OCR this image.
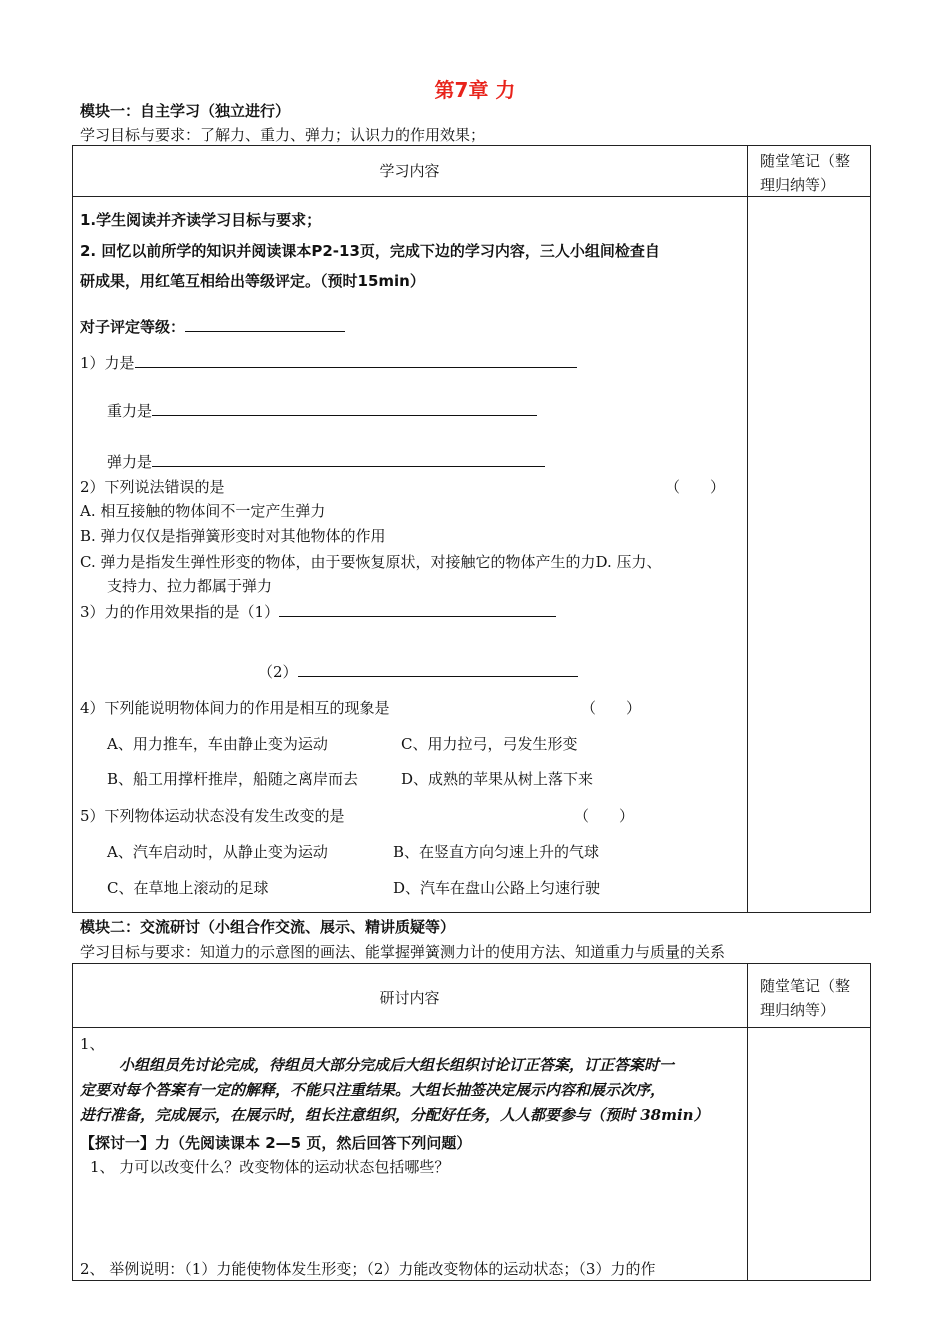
第7章 力
模块一：自主学习（独立进行）
学习目标与要求：了解力、重力、弹力；认识力的作用效果；
学习内容
随堂笔记（整
理归纳等）
1.学生阅读并齐读学习目标与要求；
2. 回忆以前所学的知识并阅读课本P2-13页，完成下边的学习内容，三人小组间检查自
研成果，用红笔互相给出等级评定。（预时15min）
对子评定等级：
1）力是
重力是
弹力是
2）下列说法错误的是	（　　）
A. 相互接触的物体间不一定产生弹力
B. 弹力仅仅是指弹簧形变时对其他物体的作用
C. 弹力是指发生弹性形变的物体，由于要恢复原状，对接触它的物体产生的力D. 压力、
支持力、拉力都属于弹力
3）力的作用效果指的是（1）
（2）
4）下列能说明物体间力的作用是相互的现象是	（　　）
A、用力推车，车由静止变为运动	C、用力拉弓，弓发生形变
B、船工用撑杆推岸，船随之离岸而去	D、成熟的苹果从树上落下来
5）下列物体运动状态没有发生改变的是	（　　）
A、汽车启动时，从静止变为运动	B、在竖直方向匀速上升的气球
C、在草地上滚动的足球	D、汽车在盘山公路上匀速行驶
模块二：交流研讨（小组合作交流、展示、精讲质疑等）
学习目标与要求：知道力的示意图的画法、能掌握弹簧测力计的使用方法、知道重力与质量的关系
研讨内容
随堂笔记（整
理归纳等）
1、
小组组员先讨论完成，待组员大部分完成后大组长组织讨论订正答案，订正答案时一
定要对每个答案有一定的解释，不能只注重结果。大组长抽签决定展示内容和展示次序，
进行准备，完成展示，在展示时，组长注意组织，分配好任务，人人都要参与（预时 38min）
【探讨一】力（先阅读课本 2—5 页，然后回答下列问题）
1、 力可以改变什么？改变物体的运动状态包括哪些？
2、 举例说明：（1）力能使物体发生形变；（2）力能改变物体的运动状态；（3）力的作
